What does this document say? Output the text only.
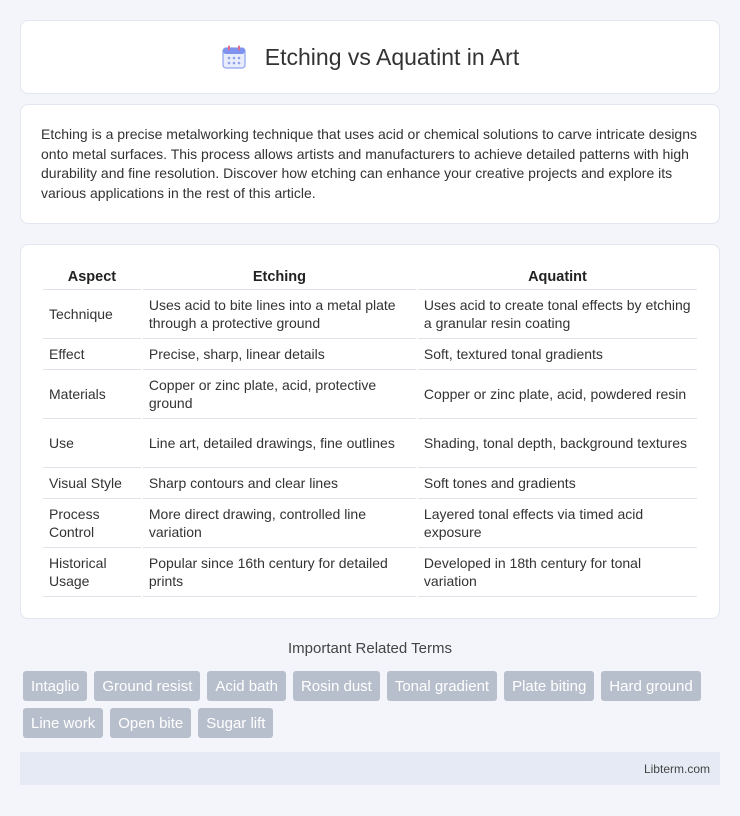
Etching vs Aquatint in Art

Etching is a precise metalworking technique that uses acid or chemical solutions to carve intricate designs onto metal surfaces. This process allows artists and manufacturers to achieve detailed patterns with high durability and fine resolution. Discover how etching can enhance your creative projects and explore its various applications in the rest of this article.

Aspect	Etching	Aquatint
Technique	Uses acid to bite lines into a metal plate through a protective ground	Uses acid to create tonal effects by etching a granular resin coating
Effect	Precise, sharp, linear details	Soft, textured tonal gradients
Materials	Copper or zinc plate, acid, protective ground	Copper or zinc plate, acid, powdered resin
Use	Line art, detailed drawings, fine outlines	Shading, tonal depth, background textures
Visual Style	Sharp contours and clear lines	Soft tones and gradients
Process Control	More direct drawing, controlled line variation	Layered tonal effects via timed acid exposure
Historical Usage	Popular since 16th century for detailed prints	Developed in 18th century for tonal variation
Important Related Terms
Intaglio	Ground resist	Acid bath	Rosin dust	Tonal gradient	Plate biting	Hard ground
Line work	Open bite	Sugar lift
Libterm.com
